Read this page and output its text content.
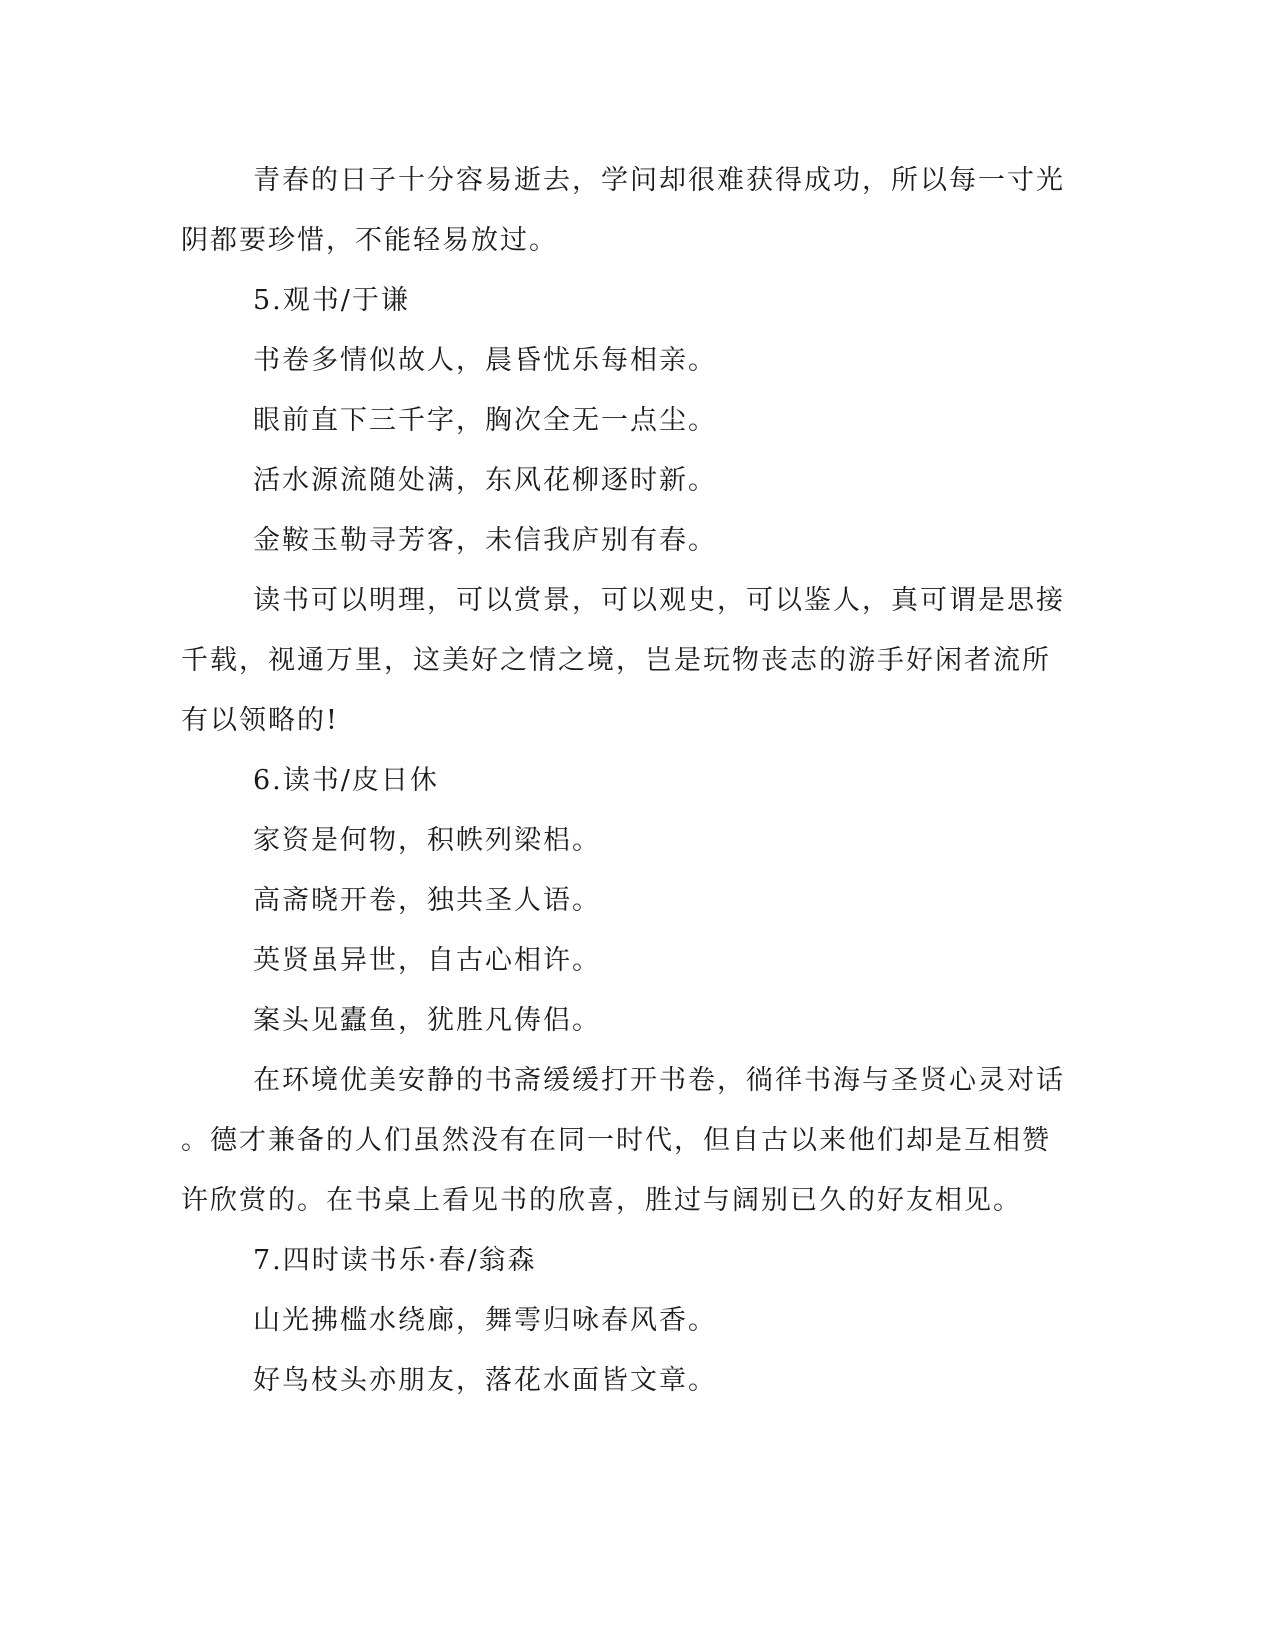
青春的日子十分容易逝去，学问却很难获得成功，所以每一寸光
阴都要珍惜，不能轻易放过。
5.观书/于谦
书卷多情似故人，晨昏忧乐每相亲。
眼前直下三千字，胸次全无一点尘。
活水源流随处满，东风花柳逐时新。
金鞍玉勒寻芳客，未信我庐别有春。
读书可以明理，可以赏景，可以观史，可以鉴人，真可谓是思接
千载，视通万里，这美好之情之境，岂是玩物丧志的游手好闲者流所
有以领略的!
6.读书/皮日休
家资是何物，积帙列梁梠。
高斋晓开卷，独共圣人语。
英贤虽异世，自古心相许。
案头见蠹鱼，犹胜凡俦侣。
在环境优美安静的书斋缓缓打开书卷，徜徉书海与圣贤心灵对话
。德才兼备的人们虽然没有在同一时代，但自古以来他们却是互相赞
许欣赏的。在书桌上看见书的欣喜，胜过与阔别已久的好友相见。
7.四时读书乐·春/翁森
山光拂槛水绕廊，舞雩归咏春风香。
好鸟枝头亦朋友，落花水面皆文章。
